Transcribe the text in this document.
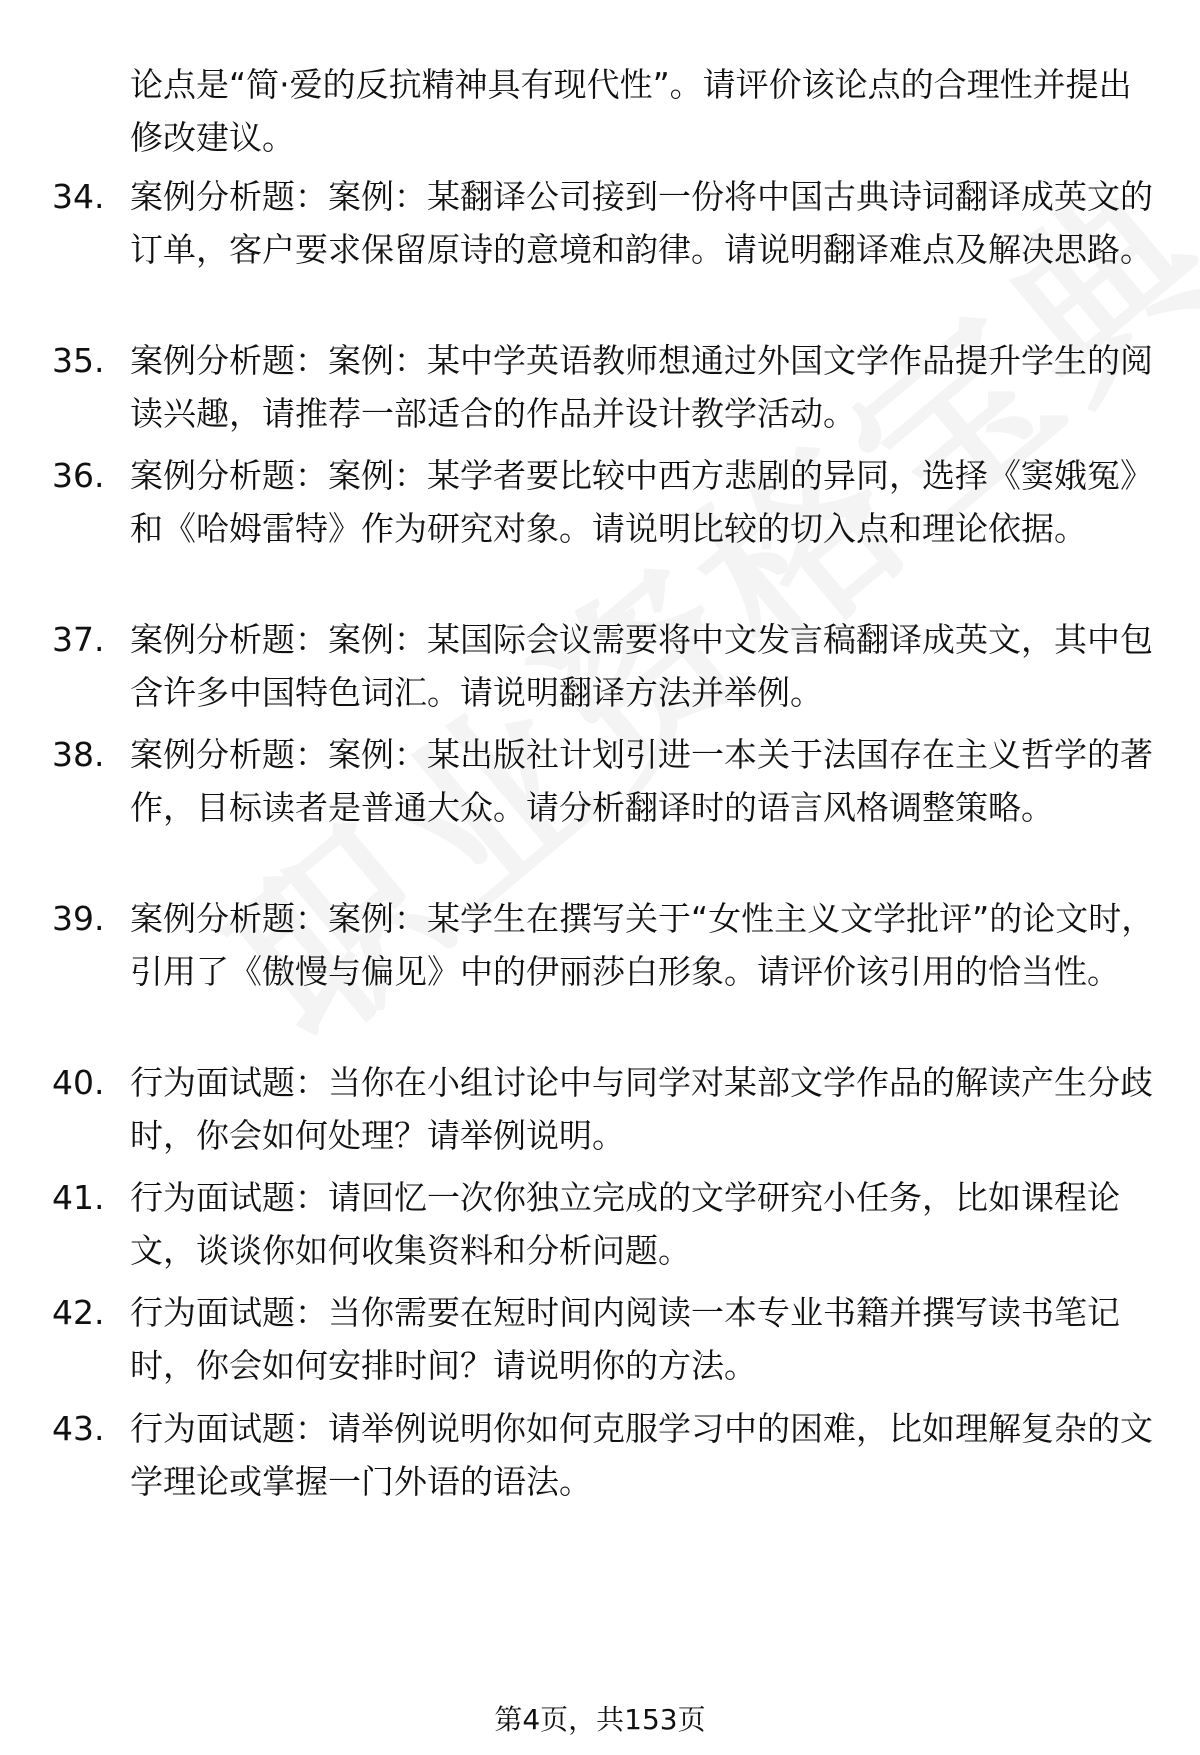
论点是“简·爱的反抗精神具有现代性”。请评价该论点的合理性并提出修改建议。
34. 案例分析题：案例：某翻译公司接到一份将中国古典诗词翻译成英文的订单，客户要求保留原诗的意境和韵律。请说明翻译难点及解决思路。
35. 案例分析题：案例：某中学英语教师想通过外国文学作品提升学生的阅读兴趣，请推荐一部适合的作品并设计教学活动。
36. 案例分析题：案例：某学者要比较中西方悲剧的异同，选择《窦娥冤》和《哈姆雷特》作为研究对象。请说明比较的切入点和理论依据。
37. 案例分析题：案例：某国际会议需要将中文发言稿翻译成英文，其中包含许多中国特色词汇。请说明翻译方法并举例。
38. 案例分析题：案例：某出版社计划引进一本关于法国存在主义哲学的著作，目标读者是普通大众。请分析翻译时的语言风格调整策略。
39. 案例分析题：案例：某学生在撰写关于“女性主义文学批评”的论文时，引用了《傲慢与偏见》中的伊丽莎白形象。请评价该引用的恰当性。
40. 行为面试题：当你在小组讨论中与同学对某部文学作品的解读产生分歧时，你会如何处理？请举例说明。
41. 行为面试题：请回忆一次你独立完成的文学研究小任务，比如课程论文，谈谈你如何收集资料和分析问题。
42. 行为面试题：当你需要在短时间内阅读一本专业书籍并撰写读书笔记时，你会如何安排时间？请说明你的方法。
43. 行为面试题：请举例说明你如何克服学习中的困难，比如理解复杂的文学理论或掌握一门外语的语法。
第4页，共153页
